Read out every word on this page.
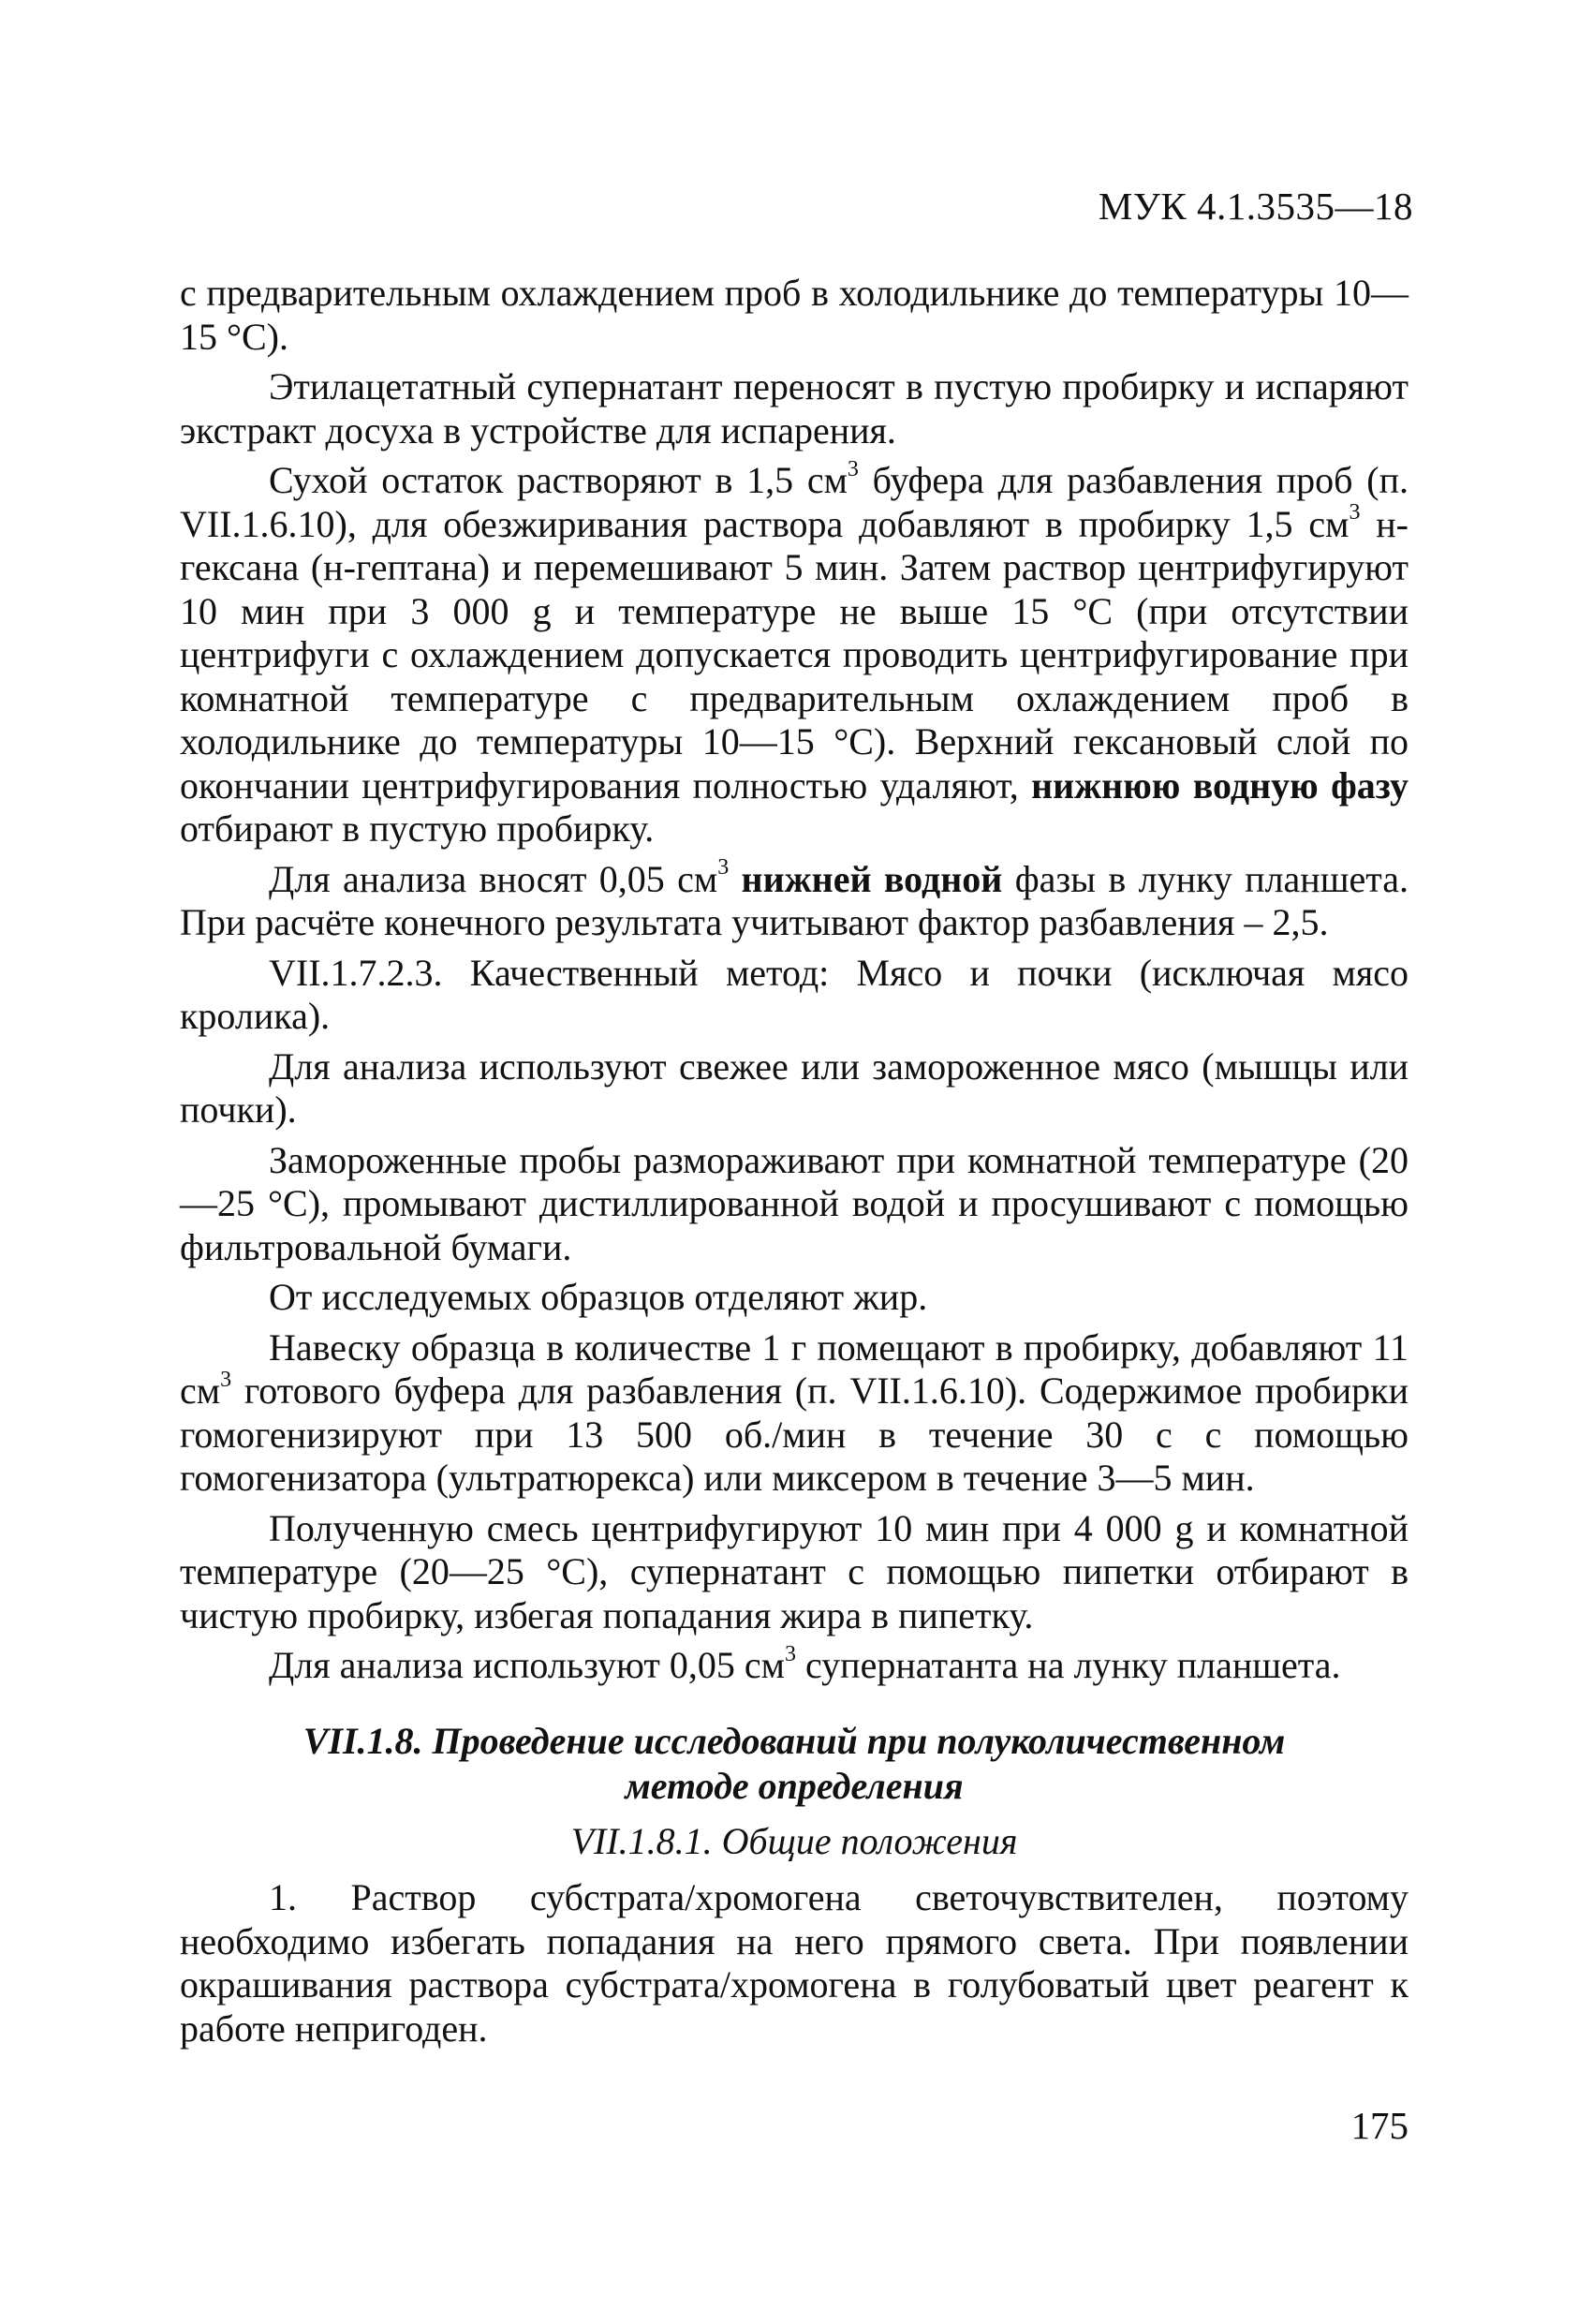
МУК 4.1.3535—18

с предварительным охлаждением проб в холодильнике до температуры 10—15 °С).

Этилацетатный супернатант переносят в пустую пробирку и испаряют экстракт досуха в устройстве для испарения.

Сухой остаток растворяют в 1,5 $см^3$ буфера для разбавления проб (п. VII.1.6.10), для обезжиривания раствора добавляют в пробирку 1,5 $см^3$ н-гексана (н-гептана) и перемешивают 5 мин. Затем раствор центрифугируют 10 мин при 3 000 g и температуре не выше 15 °С (при отсутствии центрифуги с охлаждением допускается проводить центрифугирование при комнатной температуре с предварительным охлаждением проб в холодильнике до температуры 10—15 °С). Верхний гексановый слой по окончании центрифугирования полностью удаляют, нижнюю водную фазу отбирают в пустую пробирку.

Для анализа вносят 0,05 $см^3$ нижней водной фазы в лунку планшета. При расчёте конечного результата учитывают фактор разбавления – 2,5.

VII.1.7.2.3. Качественный метод: Мясо и почки (исключая мясо кролика).

Для анализа используют свежее или замороженное мясо (мышцы или почки).

Замороженные пробы размораживают при комнатной температуре (20—25 °С), промывают дистиллированной водой и просушивают с помощью фильтровальной бумаги.

От исследуемых образцов отделяют жир.

Навеску образца в количестве 1 г помещают в пробирку, добавляют 11 $см^3$ готового буфера для разбавления (п. VII.1.6.10). Содержимое пробирки гомогенизируют при 13 500 об./мин в течение 30 с с помощью гомогенизатора (ультратюрекса) или миксером в течение 3—5 мин.

Полученную смесь центрифугируют 10 мин при 4 000 g и комнатной температуре (20—25 °С), супернатант с помощью пипетки отбирают в чистую пробирку, избегая попадания жира в пипетку.

Для анализа используют 0,05 $см^3$ супернатанта на лунку планшета.

VII.1.8. Проведение исследований при полуколичественном
методе определения
VII.1.8.1. Общие положения

1. Раствор субстрата/хромогена светочувствителен, поэтому необходимо избегать попадания на него прямого света. При появлении окрашивания раствора субстрата/хромогена в голубоватый цвет реагент к работе непригоден.

175
